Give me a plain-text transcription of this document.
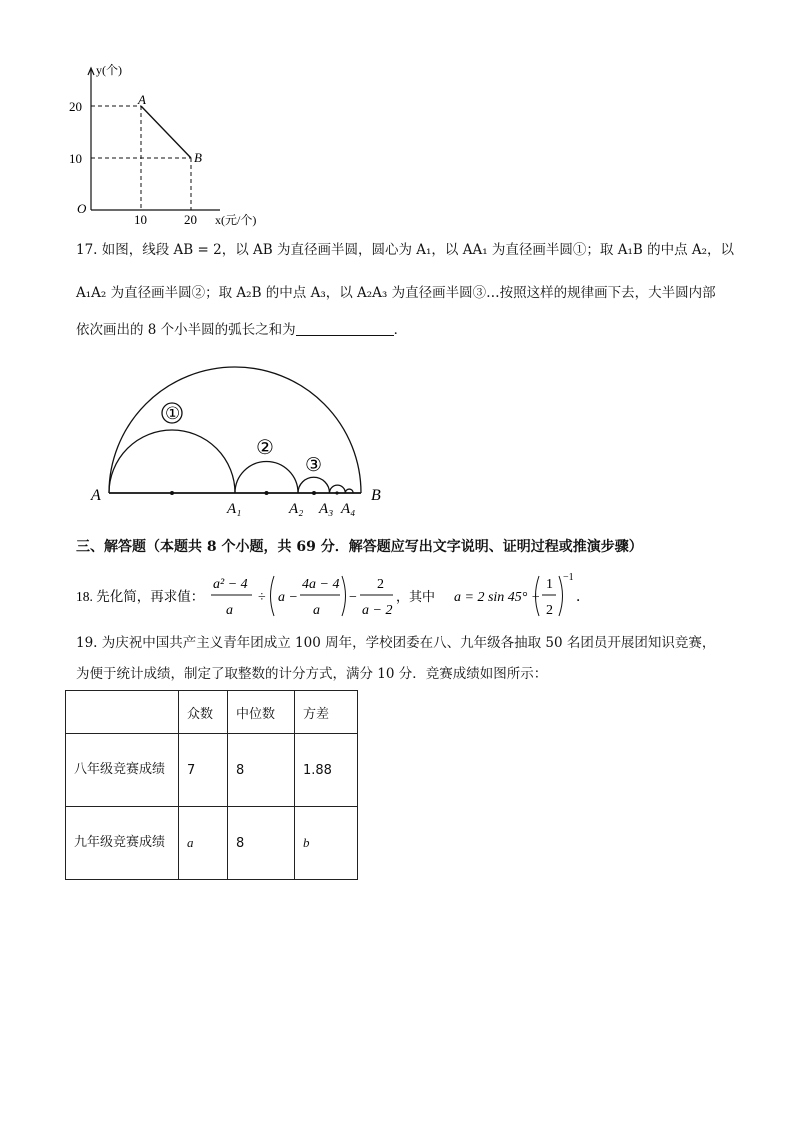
20
10
10	20
y(个)
x(元/个)
O
A
B
17. 如图，线段 AB = 2，以 AB 为直径画半圆，圆心为 A₁，以 AA₁ 为直径画半圆①；取 A₁B 的中点 A₂，以
A₁A₂ 为直径画半圆②；取 A₂B 的中点 A₃，以 A₂A₃ 为直径画半圆③…按照这样的规律画下去，大半圆内部
依次画出的 8 个小半圆的弧长之和为	．
①
②
③
A	B
A₁	A₂ A₃ A₄
三、解答题（本题共 8 个小题，共 69 分．解答题应写出文字说明、证明过程或推演步骤）
18. 先化简，再求值：
a² − 4
a
÷ a −
4a − 4
a
−
2
a − 2
，其中 a = 2 sin 45° +
1
2
−1
．
19. 为庆祝中国共产主义青年团成立 100 周年，学校团委在八、九年级各抽取 50 名团员开展团知识竞赛，
为便于统计成绩，制定了取整数的计分方式，满分 10 分．竞赛成绩如图所示：
	众数	中位数	方差
八年级竞赛成绩	7	8	1.88
九年级竞赛成绩	a	8	b
